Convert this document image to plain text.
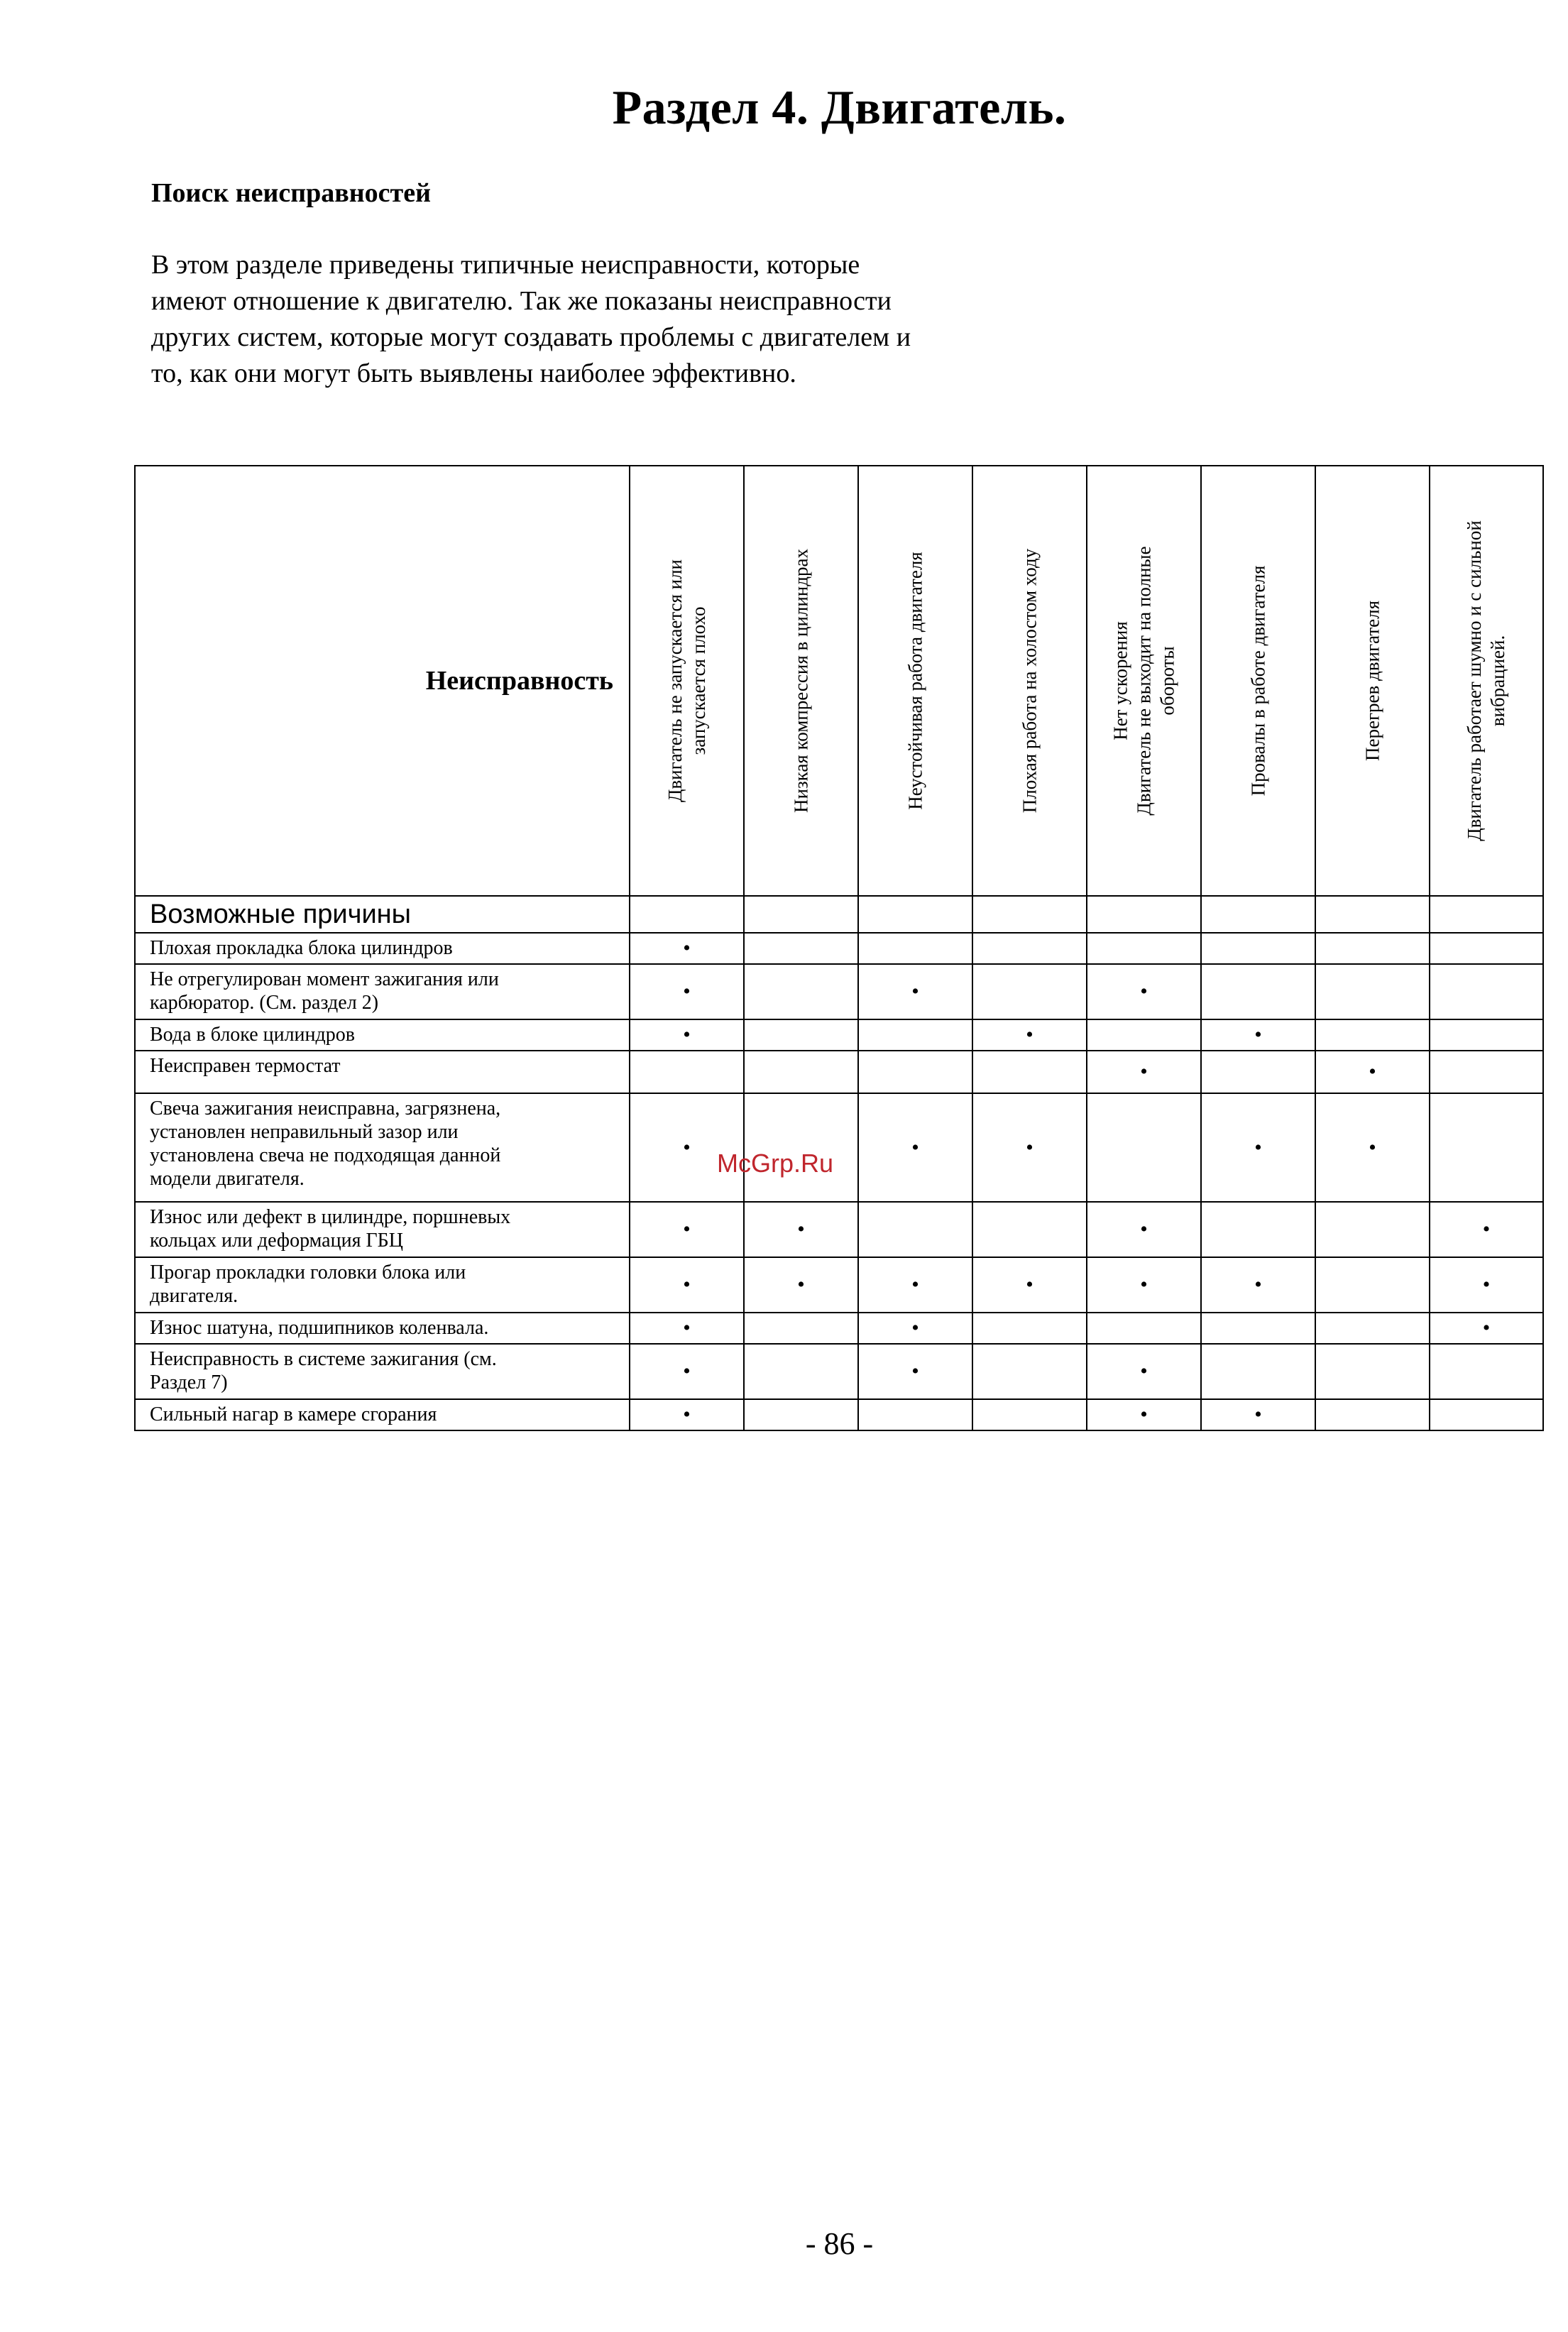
Раздел 4. Двигатель.
Поиск неисправностей
В этом разделе приведены типичные неисправности, которые
имеют отношение к двигателю. Так же показаны неисправности
других систем, которые могут создавать проблемы с двигателем и
то, как они могут быть выявлены наиболее эффективно.
Неисправность	Двигатель не запускается или запускается плохо	Низкая компрессия в цилиндрах	Неустойчивая работа двигателя	Плохая работа на холостом ходу	Нет ускорения Двигатель не выходит на полные обороты	Провалы в работе двигателя	Перегрев двигателя	Двигатель работает шумно и с сильной вибрацией.

Возможные причины								

Плохая прокладка блока цилиндров	•							

Не отрегулирован момент зажигания или
карбюратор. (См. раздел 2)	•		•		•			

Вода в блоке цилиндров	•			•		•		

Неисправен термостат					•		•	

Свеча зажигания неисправна, загрязнена,
установлен неправильный зазор или
установлена свеча не подходящая данной
модели двигателя.	•		•	•		•	•	

Износ или дефект в цилиндре, поршневых
кольцах или деформация ГБЦ	•	•			•			•

Прогар прокладки головки блока или
двигателя.	•	•	•	•	•	•		•

Износ шатуна, подшипников коленвала.	•		•					•

Неисправность в системе зажигания (см.
Раздел 7)	•		•		•			

Сильный нагар в камере сгорания	•				•	•		
McGrp.Ru
- 86 -
